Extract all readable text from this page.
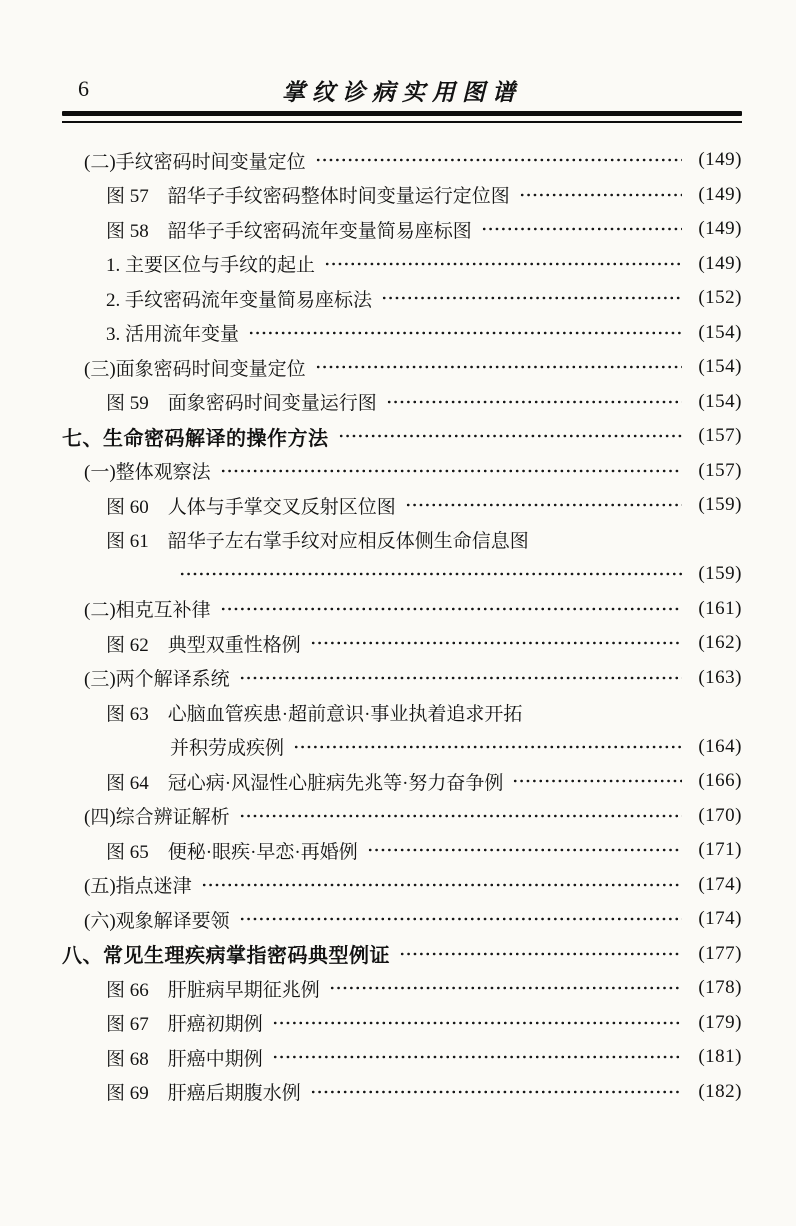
6	掌纹诊病实用图谱
(二)手纹密码时间变量定位	(149)
图 57　韶华子手纹密码整体时间变量运行定位图	(149)
图 58　韶华子手纹密码流年变量简易座标图	(149)
1. 主要区位与手纹的起止	(149)
2. 手纹密码流年变量简易座标法	(152)
3. 活用流年变量	(154)
(三)面象密码时间变量定位	(154)
图 59　面象密码时间变量运行图	(154)
七、生命密码解译的操作方法	(157)
(一)整体观察法	(157)
图 60　人体与手掌交叉反射区位图	(159)
图 61　韶华子左右掌手纹对应相反体侧生命信息图
(159)
(二)相克互补律	(161)
图 62　典型双重性格例	(162)
(三)两个解译系统	(163)
图 63　心脑血管疾患·超前意识·事业执着追求开拓
并积劳成疾例	(164)
图 64　冠心病·风湿性心脏病先兆等·努力奋争例	(166)
(四)综合辨证解析	(170)
图 65　便秘·眼疾·早恋·再婚例	(171)
(五)指点迷津	(174)
(六)观象解译要领	(174)
八、常见生理疾病掌指密码典型例证	(177)
图 66　肝脏病早期征兆例	(178)
图 67　肝癌初期例	(179)
图 68　肝癌中期例	(181)
图 69　肝癌后期腹水例	(182)
